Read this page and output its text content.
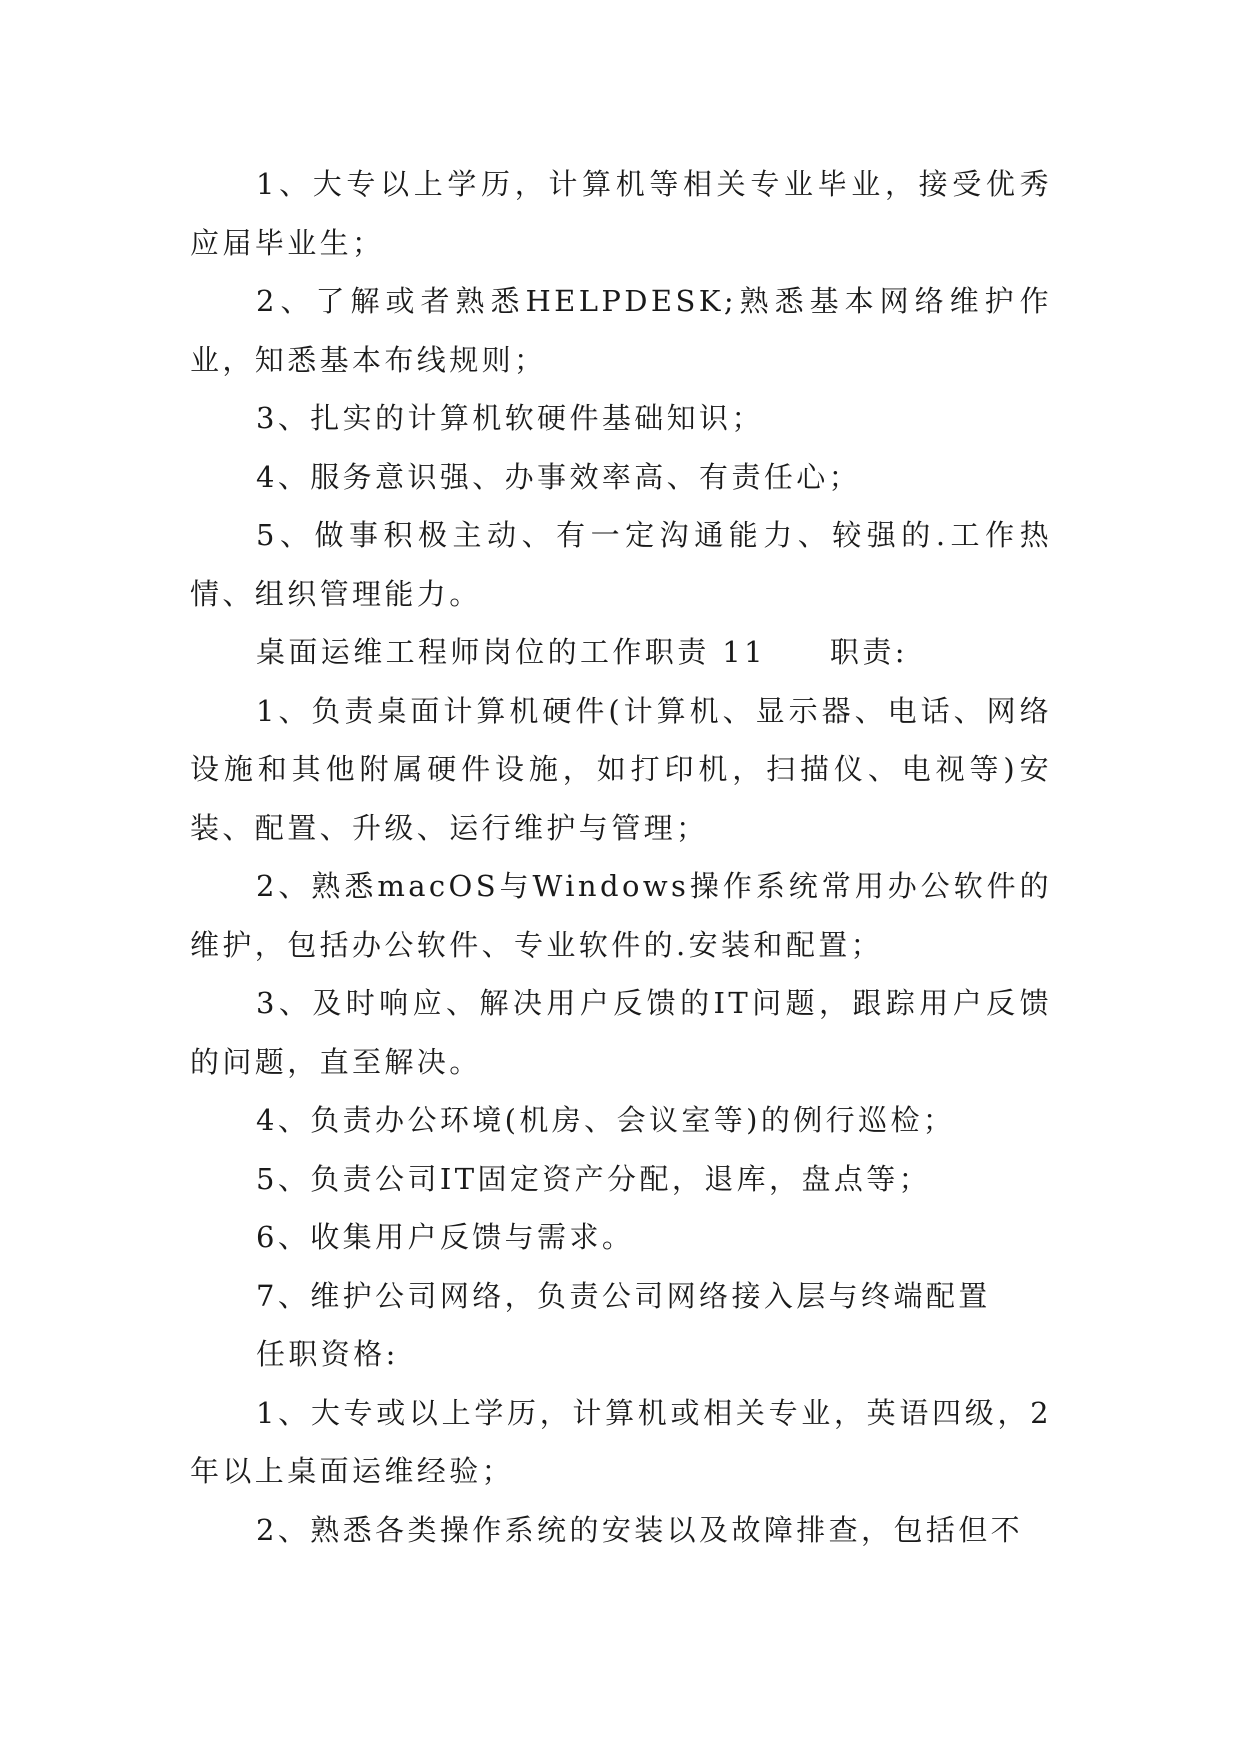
1、大专以上学历，计算机等相关专业毕业，接受优秀应届毕业生；

2、了解或者熟悉HELPDESK;熟悉基本网络维护作业，知悉基本布线规则；

3、扎实的计算机软硬件基础知识；

4、服务意识强、办事效率高、有责任心；

5、做事积极主动、有一定沟通能力、较强的.工作热情、组织管理能力。

桌面运维工程师岗位的工作职责 11 职责:

1、负责桌面计算机硬件(计算机、显示器、电话、网络设施和其他附属硬件设施，如打印机，扫描仪、电视等)安装、配置、升级、运行维护与管理；

2、熟悉macOS与Windows操作系统常用办公软件的维护，包括办公软件、专业软件的.安装和配置；

3、及时响应、解决用户反馈的IT问题，跟踪用户反馈的问题，直至解决。

4、负责办公环境(机房、会议室等)的例行巡检；

5、负责公司IT固定资产分配，退库，盘点等；

6、收集用户反馈与需求。

7、维护公司网络，负责公司网络接入层与终端配置

任职资格:

1、大专或以上学历，计算机或相关专业，英语四级，2年以上桌面运维经验；

2、熟悉各类操作系统的安装以及故障排查，包括但不
